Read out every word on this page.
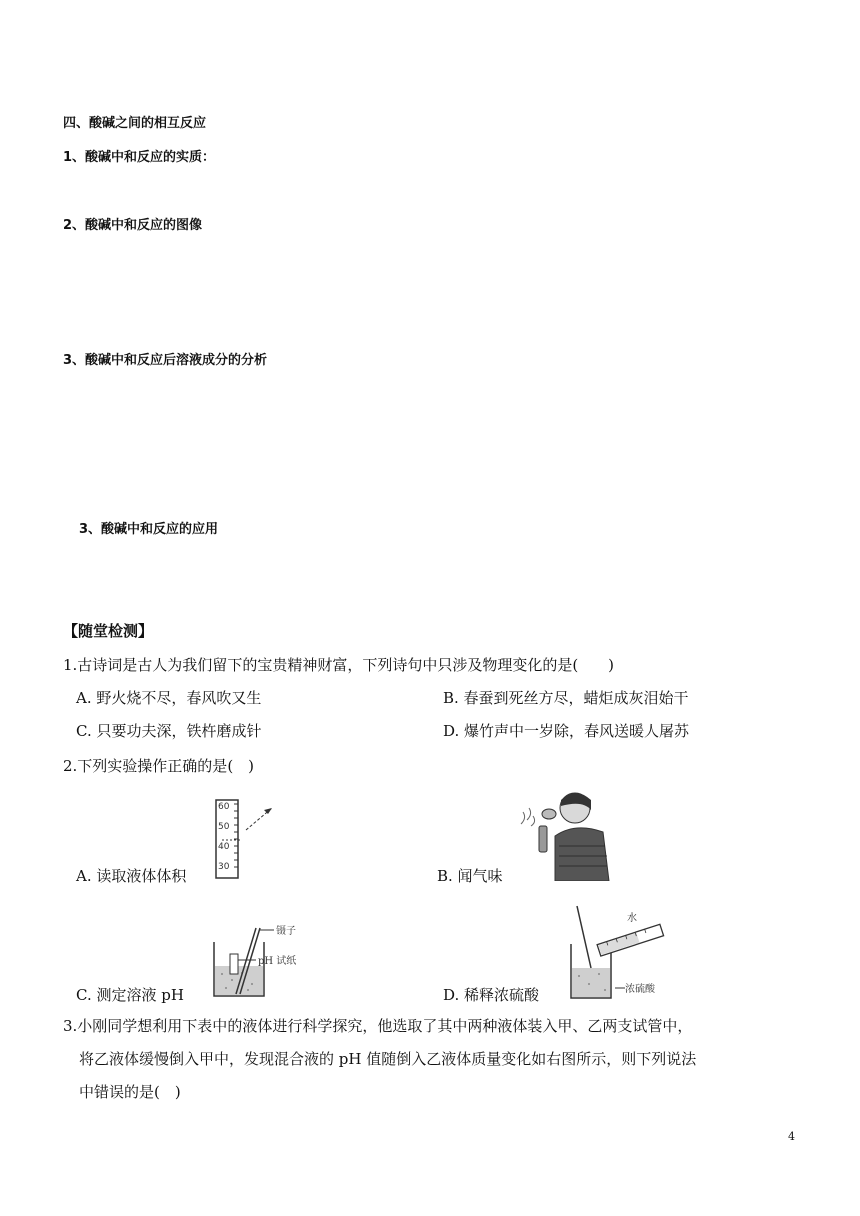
四、酸碱之间的相互反应
1、酸碱中和反应的实质：
2、酸碱中和反应的图像
3、酸碱中和反应后溶液成分的分析
3、酸碱中和反应的应用
【随堂检测】
1.古诗词是古人为我们留下的宝贵精神财富，下列诗句中只涉及物理变化的是(　　)
A. 野火烧不尽，春风吹又生	B. 春蚕到死丝方尽，蜡炬成灰泪始干
C. 只要功夫深，铁杵磨成针	D. 爆竹声中一岁除，春风送暖人屠苏
2.下列实验操作正确的是(　)
A. 读取液体体积	B. 闻气味
C. 测定溶液 pH	D. 稀释浓硫酸
60
50
40
30
镊子
pH 试纸
水
浓硫酸
3.小刚同学想利用下表中的液体进行科学探究，他选取了其中两种液体装入甲、乙两支试管中，
将乙液体缓慢倒入甲中，发现混合液的 pH 值随倒入乙液体质量变化如右图所示，则下列说法
中错误的是(　)
4
